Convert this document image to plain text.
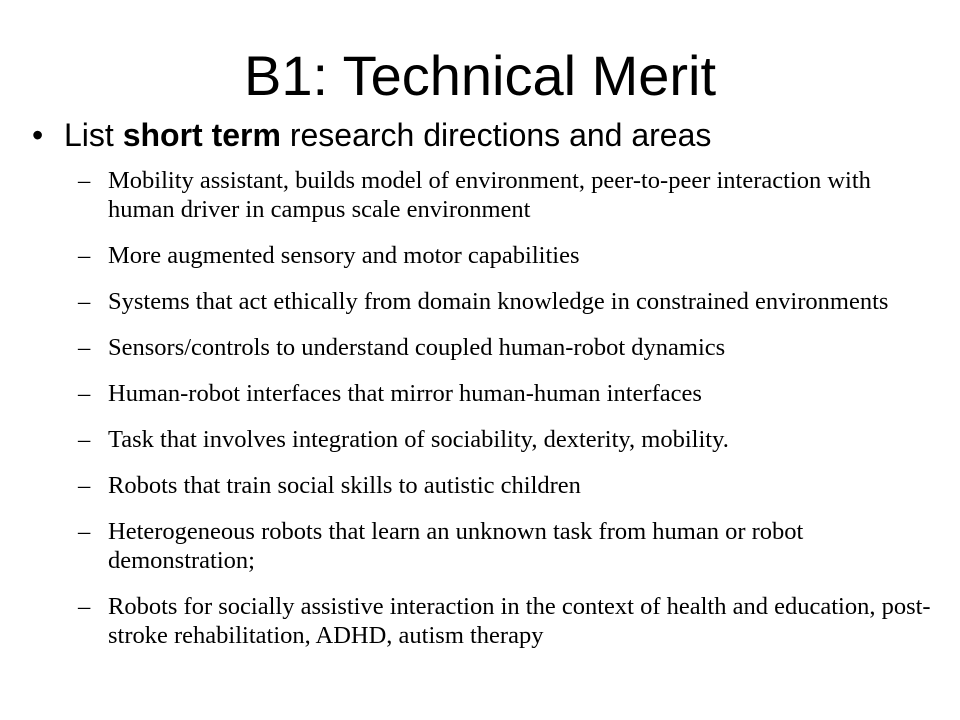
B1: Technical Merit
• List short term research directions and areas
– Mobility assistant, builds model of environment, peer-to-peer interaction with human driver in campus scale environment
– More augmented sensory and motor capabilities
– Systems that act ethically from domain knowledge in constrained environments
– Sensors/controls to understand coupled human-robot dynamics
– Human-robot interfaces that mirror human-human interfaces
– Task that involves integration of sociability, dexterity, mobility.
– Robots that train social skills to autistic children
– Heterogeneous robots that learn an unknown task from human or robot demonstration;
– Robots for socially assistive interaction in the context of health and education, post-stroke rehabilitation, ADHD, autism therapy
